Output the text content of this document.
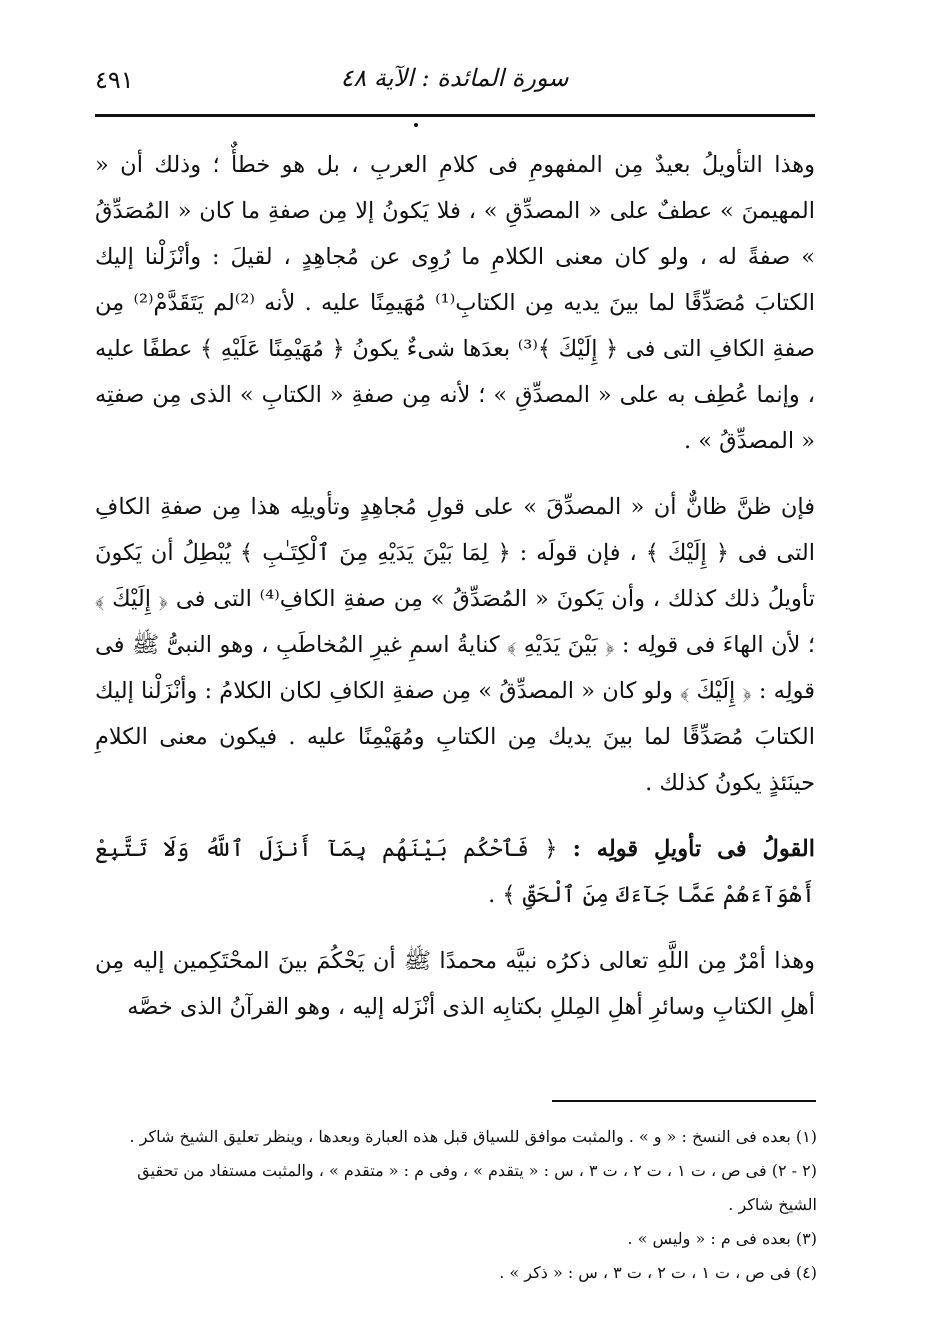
٤٩١	سورة المائدة : الآية ٤٨

وهذا التأويلُ بعيدٌ مِن المفهومِ فى كلامِ العربِ ، بل هو خطأٌ ؛ وذلك أن « المهيمنَ » عطفٌ على « المصدِّقِ » ، فلا يَكونُ إلا مِن صفةِ ما كان « المُصَدِّقُ » صفةً له ، ولو كان معنى الكلامِ ما رُوِى عن مُجاهِدٍ ، لقيلَ : وأنْزَلْنا إليك الكتابَ مُصَدِّقًا لما بينَ يديه مِن الكتابِ⁽¹⁾ مُهَيمِنًا عليه . لأنه ⁽²⁾لم يَتَقَدَّمْ⁽²⁾ مِن صفةِ الكافِ التى فى ﴿ إِلَيْكَ ﴾⁽³⁾ بعدَها شىءٌ يكونُ ﴿ مُهَيْمِنًا عَلَيْهِ ﴾ عطفًا عليه ، وإنما عُطِف به على « المصدِّقِ » ؛ لأنه مِن صفةِ « الكتابِ » الذى مِن صفتِه « المصدِّقُ » .

فإن ظنَّ ظانٌّ أن « المصدِّقَ » على قولِ مُجاهِدٍ وتأويلِه هذا مِن صفةِ الكافِ التى فى ﴿ إِلَيْكَ ﴾ ، فإن قولَه : ﴿ لِمَا بَيْنَ يَدَيْهِ مِنَ ٱلْكِتَـٰبِ ﴾ يُبْطِلُ أن يَكونَ تأويلُ ذلك كذلك ، وأن يَكونَ « المُصَدِّقُ » مِن صفةِ الكافِ⁽⁴⁾ التى فى ﴿ إِلَيْكَ ﴾ ؛ لأن الهاءَ فى قولِه : ﴿ بَيْنَ يَدَيْهِ ﴾ كنايةُ اسمِ غيرِ المُخاطَبِ ، وهو النبىُّ ﷺ فى قولِه : ﴿ إِلَيْكَ ﴾ ولو كان « المصدِّقُ » مِن صفةِ الكافِ لكان الكلامُ : وأنْزَلْنا إليك الكتابَ مُصَدِّقًا لما بينَ يديك مِن الكتابِ ومُهَيْمِنًا عليه . فيكون معنى الكلامِ حينَئذٍ يكونُ كذلك .

القولُ فى تأويلِ قولِه : ﴿ فَٱحْكُم بَيْنَهُم بِمَآ أَنزَلَ ٱللَّهُ وَلَا تَتَّبِعْ أَهْوَآءَهُمْ عَمَّا جَآءَكَ مِنَ ٱلْحَقِّ ﴾ .

وهذا أمْرٌ مِن اللَّهِ تعالى ذكرُه نبيَّه محمدًا ﷺ أن يَحْكُمَ بينَ المحْتَكِمين إليه مِن أهلِ الكتابِ وسائرِ أهلِ المِللِ بكتابِه الذى أنْزَله إليه ، وهو القرآنُ الذى خصَّه

(١) بعده فى النسخ : « و » . والمثبت موافق للسياق قبل هذه العبارة وبعدها ، وينظر تعليق الشيخ شاكر .

(٢ - ٢) فى ص ، ت ١ ، ت ٢ ، ت ٣ ، س : « يتقدم » ، وفى م : « متقدم » ، والمثبت مستفاد من تحقيق الشيخ شاكر .

(٣) بعده فى م : « وليس » .

(٤) فى ص ، ت ١ ، ت ٢ ، ت ٣ ، س : « ذكر » .
